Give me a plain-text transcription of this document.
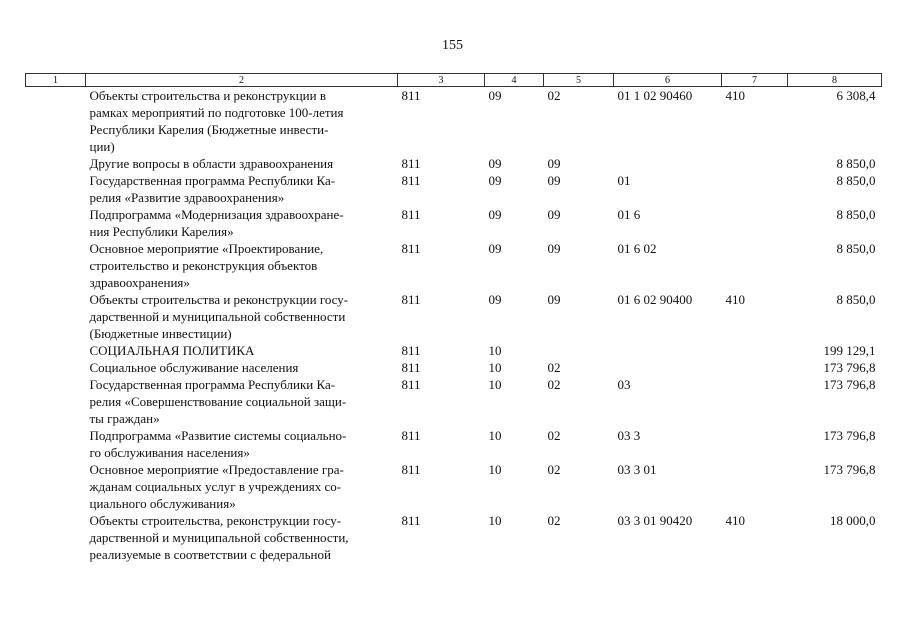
155
1	2	3	4	5	6	7	8

	Объекты строительства и реконструкции в
рамках мероприятий по подготовке 100-летия
Республики Карелия (Бюджетные инвести-
ции)	811	09	02	01 1 02 90460	410	6 308,4

	Другие вопросы в области здравоохранения	811	09	09			8 850,0

	Государственная программа Республики Ка-
релия «Развитие здравоохранения»	811	09	09	01		8 850,0

	Подпрограмма «Модернизация здравоохране-
ния Республики Карелия»	811	09	09	01 6		8 850,0

	Основное мероприятие «Проектирование,
строительство и реконструкция объектов
здравоохранения»	811	09	09	01 6 02		8 850,0

	Объекты строительства и реконструкции госу-
дарственной и муниципальной собственности
(Бюджетные инвестиции)	811	09	09	01 6 02 90400	410	8 850,0

	СОЦИАЛЬНАЯ ПОЛИТИКА	811	10				199 129,1

	Социальное обслуживание населения	811	10	02			173 796,8

	Государственная программа Республики Ка-
релия «Совершенствование социальной защи-
ты граждан»	811	10	02	03		173 796,8

	Подпрограмма «Развитие системы социально-
го обслуживания населения»	811	10	02	03 3		173 796,8

	Основное мероприятие «Предоставление гра-
жданам социальных услуг в учреждениях со-
циального обслуживания»	811	10	02	03 3 01		173 796,8

	Объекты строительства, реконструкции госу-
дарственной и муниципальной собственности,
реализуемые в соответствии с федеральной	811	10	02	03 3 01 90420	410	18 000,0
